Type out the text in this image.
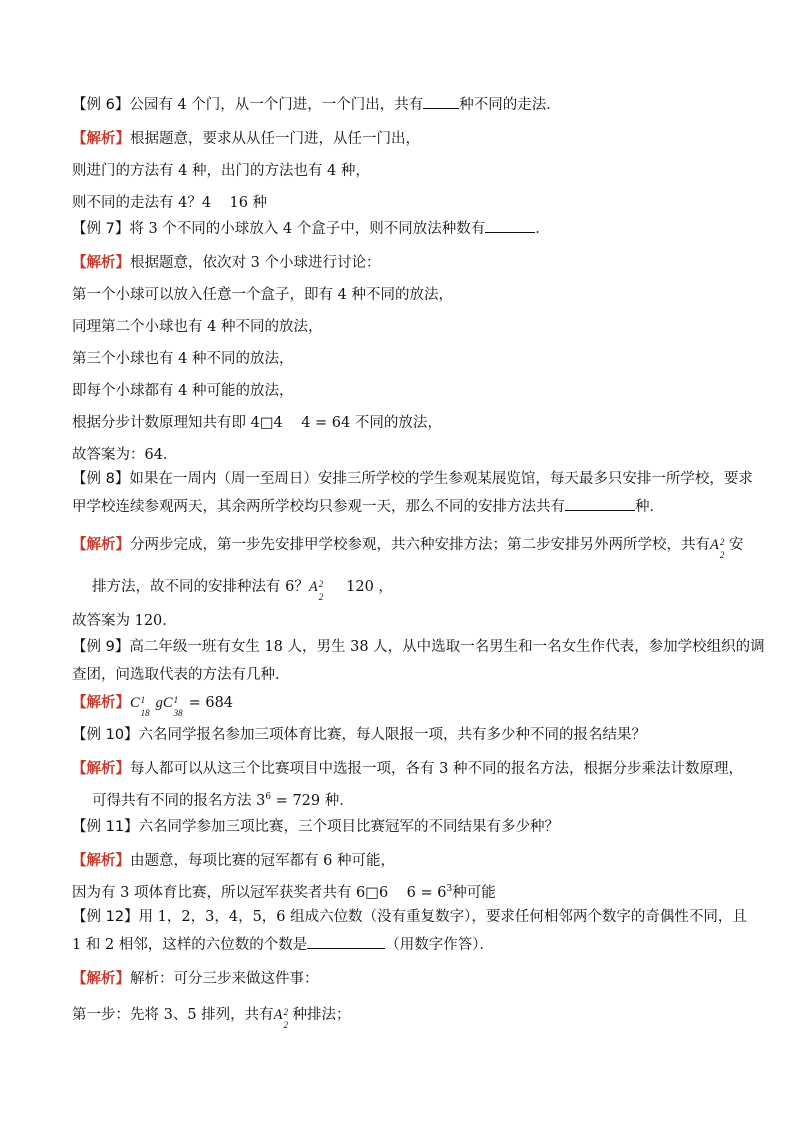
【例 6】公园有 4 个门，从一个门进，一个门出，共有 种不同的走法．
【解析】根据题意，要求从从任一门进，从任一门出，
则进门的方法有 4 种，出门的方法也有 4 种，
则不同的走法有 4？4    16 种
【例 7】将 3 个不同的小球放入 4 个盒子中，则不同放法种数有	．
【解析】根据题意，依次对 3 个小球进行讨论：
第一个小球可以放入任意一个盒子，即有 4 种不同的放法，
同理第二个小球也有 4 种不同的放法，
第三个小球也有 4 种不同的放法，
即每个小球都有 4 种可能的放法，
根据分步计数原理知共有即 4□4    4 = 64 不同的放法，
故答案为：64．
【例 8】如果在一周内（周一至周日）安排三所学校的学生参观某展览馆，每天最多只安排一所学校，要求
甲学校连续参观两天，其余两所学校均只参观一天，那么不同的安排方法共有	种．
【解析】分两步完成，第一步先安排甲学校参观，共六种安排方法；第二步安排另外两所学校，共有A 2
2
安
排方法，故不同的安排种法有 6？A 2
2
120 ，
故答案为 120．
【例 9】高二年级一班有女生 18 人，男生 38 人，从中选取一名男生和一名女生作代表，参加学校组织的调
查团，问选取代表的方法有几种．
【解析】C 1
18
gC 1
38
= 684
【例 10】六名同学报名参加三项体育比赛，每人限报一项，共有多少种不同的报名结果？
【解析】每人都可以从这三个比赛项目中选报一项，各有 3 种不同的报名方法，根据分步乘法计数原理，
可得共有不同的报名方法 $3^6 = 729$ 种．
【例 11】六名同学参加三项比赛，三个项目比赛冠军的不同结果有多少种？
【解析】由题意，每项比赛的冠军都有 6 种可能，
因为有 3 项体育比赛，所以冠军获奖者共有 6□6    $6 = 6^3$种可能
【例 12】用 1，2，3，4，5，6 组成六位数（没有重复数字），要求任何相邻两个数字的奇偶性不同，且
1 和 2 相邻，这样的六位数的个数是	（用数字作答）．
【解析】解析：可分三步来做这件事：
第一步：先将 3、5 排列，共有A 2
2
种排法；
